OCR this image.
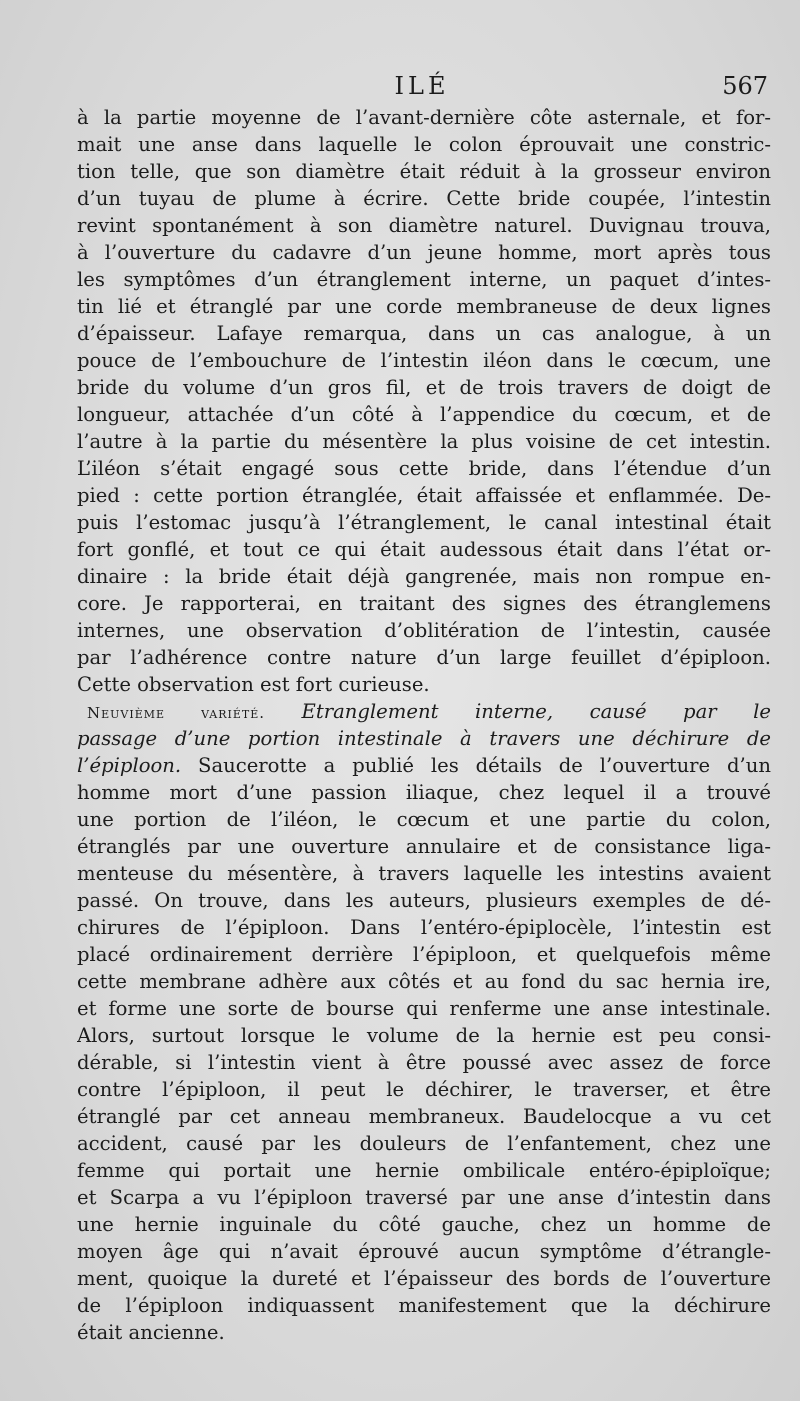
ILÉ	567
à la partie moyenne de l’avant-dernière côte asternale, et for-
mait une anse dans laquelle le colon éprouvait une constric-
tion telle, que son diamètre était réduit à la grosseur environ
d’un tuyau de plume à écrire. Cette bride coupée, l’intestin
revint spontanément à son diamètre naturel. Duvignau trouva,
à l’ouverture du cadavre d’un jeune homme, mort après tous
les symptômes d’un étranglement interne, un paquet d’intes-
tin lié et étranglé par une corde membraneuse de deux lignes
d’épaisseur. Lafaye remarqua, dans un cas analogue, à un
pouce de l’embouchure de l’intestin iléon dans le cœcum, une
bride du volume d’un gros fil, et de trois travers de doigt de
longueur, attachée d’un côté à l’appendice du cœcum, et de
l’autre à la partie du mésentère la plus voisine de cet intestin.
L’iléon s’était engagé sous cette bride, dans l’étendue d’un
pied : cette portion étranglée, était affaissée et enflammée. De-
puis l’estomac jusqu’à l’étranglement, le canal intestinal était
fort gonflé, et tout ce qui était audessous était dans l’état or-
dinaire : la bride était déjà gangrenée, mais non rompue en-
core. Je rapporterai, en traitant des signes des étranglemens
internes, une observation d’oblitération de l’intestin, causée
par l’adhérence contre nature d’un large feuillet d’épiploon.
Cette observation est fort curieuse.
Neuvième variété. Etranglement interne, causé par le
passage d’une portion intestinale à travers une déchirure de
l’épiploon. Saucerotte a publié les détails de l’ouverture d’un
homme mort d’une passion iliaque, chez lequel il a trouvé
une portion de l’iléon, le cœcum et une partie du colon,
étranglés par une ouverture annulaire et de consistance liga-
menteuse du mésentère, à travers laquelle les intestins avaient
passé. On trouve, dans les auteurs, plusieurs exemples de dé-
chirures de l’épiploon. Dans l’entéro-épiplocèle, l’intestin est
placé ordinairement derrière l’épiploon, et quelquefois même
cette membrane adhère aux côtés et au fond du sac hernia ire,
et forme une sorte de bourse qui renferme une anse intestinale.
Alors, surtout lorsque le volume de la hernie est peu consi-
dérable, si l’intestin vient à être poussé avec assez de force
contre l’épiploon, il peut le déchirer, le traverser, et être
étranglé par cet anneau membraneux. Baudelocque a vu cet
accident, causé par les douleurs de l’enfantement, chez une
femme qui portait une hernie ombilicale entéro-épiploïque;
et Scarpa a vu l’épiploon traversé par une anse d’intestin dans
une hernie inguinale du côté gauche, chez un homme de
moyen âge qui n’avait éprouvé aucun symptôme d’étrangle-
ment, quoique la dureté et l’épaisseur des bords de l’ouverture
de l’épiploon indiquassent manifestement que la déchirure
était ancienne.
